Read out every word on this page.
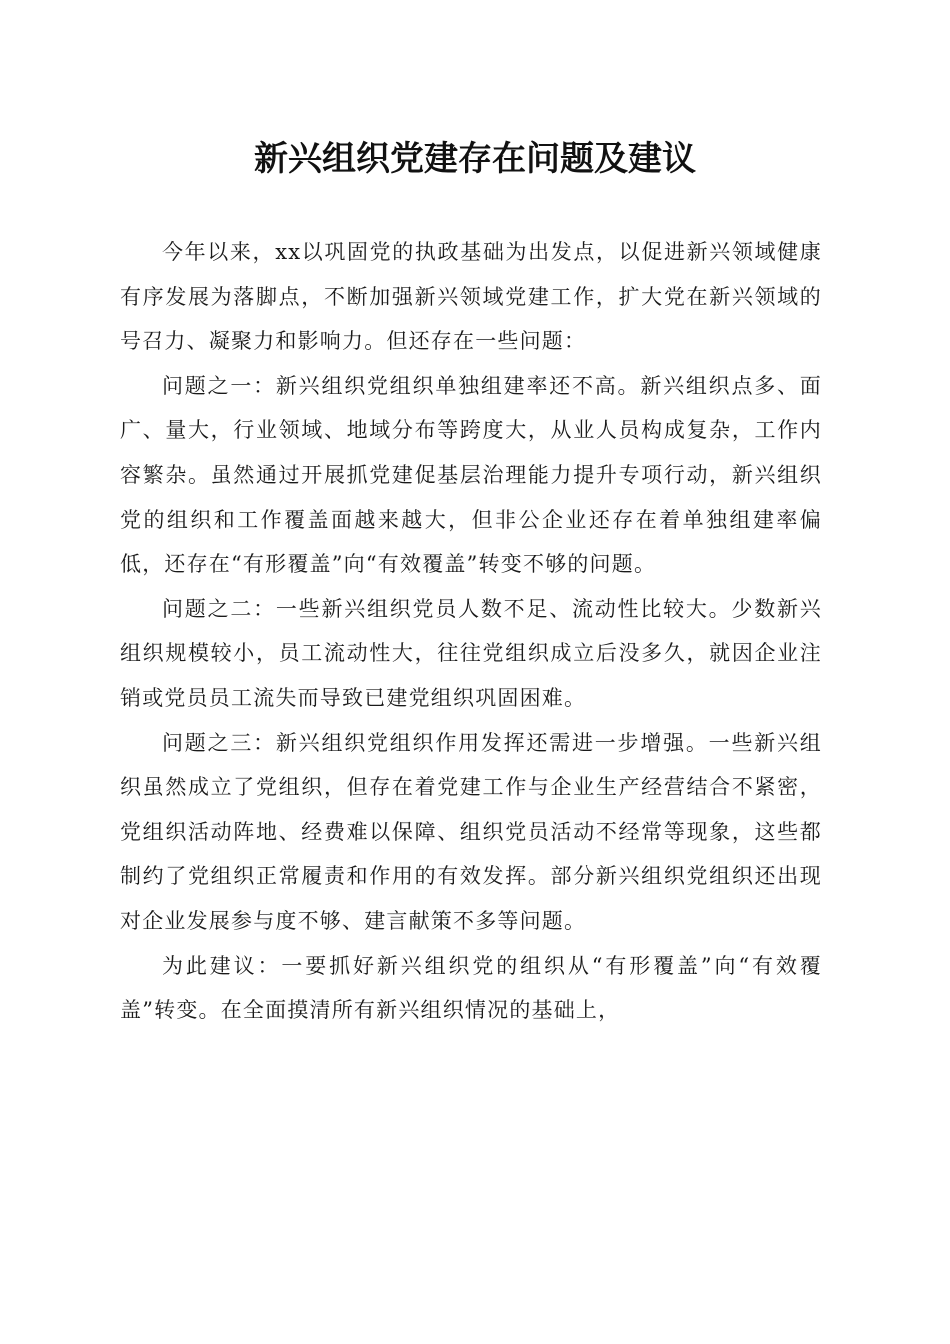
新兴组织党建存在问题及建议

今年以来，xx以巩固党的执政基础为出发点，以促进新兴领域健康有序发展为落脚点，不断加强新兴领域党建工作，扩大党在新兴领域的号召力、凝聚力和影响力。但还存在一些问题：

问题之一：新兴组织党组织单独组建率还不高。新兴组织点多、面广、量大，行业领域、地域分布等跨度大，从业人员构成复杂，工作内容繁杂。虽然通过开展抓党建促基层治理能力提升专项行动，新兴组织党的组织和工作覆盖面越来越大，但非公企业还存在着单独组建率偏低，还存在“有形覆盖”向“有效覆盖”转变不够的问题。

问题之二：一些新兴组织党员人数不足、流动性比较大。少数新兴组织规模较小，员工流动性大，往往党组织成立后没多久，就因企业注销或党员员工流失而导致已建党组织巩固困难。

问题之三：新兴组织党组织作用发挥还需进一步增强。一些新兴组织虽然成立了党组织，但存在着党建工作与企业生产经营结合不紧密，党组织活动阵地、经费难以保障、组织党员活动不经常等现象，这些都制约了党组织正常履责和作用的有效发挥。部分新兴组织党组织还出现对企业发展参与度不够、建言献策不多等问题。

为此建议：一要抓好新兴组织党的组织从“有形覆盖”向“有效覆盖”转变。在全面摸清所有新兴组织情况的基础上，
